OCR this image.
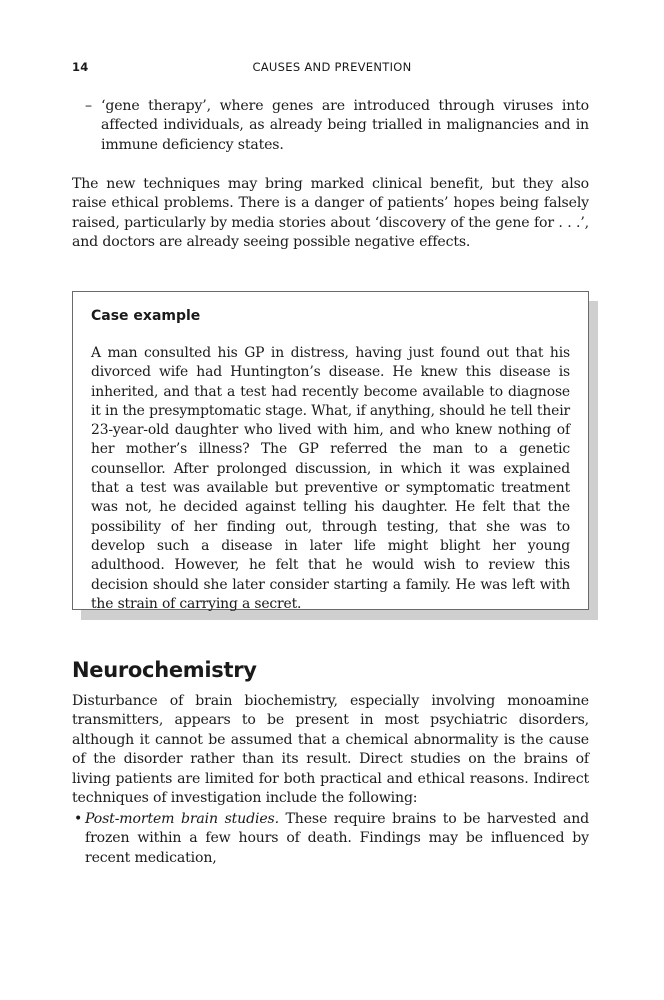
14	CAUSES AND PREVENTION
– ‘gene therapy’, where genes are introduced through viruses into affected individuals, as already being trialled in malignancies and in immune deficiency states.

The new techniques may bring marked clinical benefit, but they also raise ethical problems. There is a danger of patients’ hopes being falsely raised, particularly by media stories about ‘discovery of the gene for . . .’, and doctors are already seeing possible negative effects.

Case example

A man consulted his GP in distress, having just found out that his divorced wife had Huntington’s disease. He knew this disease is inherited, and that a test had recently become available to diagnose it in the presymptomatic stage. What, if anything, should he tell their 23-year-old daughter who lived with him, and who knew nothing of her mother’s illness? The GP referred the man to a genetic counsellor. After prolonged discussion, in which it was explained that a test was available but preventive or symptomatic treatment was not, he decided against telling his daughter. He felt that the possibility of her finding out, through testing, that she was to develop such a disease in later life might blight her young adulthood. However, he felt that he would wish to review this decision should she later consider starting a family. He was left with the strain of carrying a secret.

Neurochemistry

Disturbance of brain biochemistry, especially involving monoamine transmitters, appears to be present in most psychiatric disorders, although it cannot be assumed that a chemical abnormality is the cause of the disorder rather than its result. Direct studies on the brains of living patients are limited for both practical and ethical reasons. Indirect techniques of investigation include the following:

• Post-mortem brain studies. These require brains to be harvested and frozen within a few hours of death. Findings may be influenced by recent medication,
